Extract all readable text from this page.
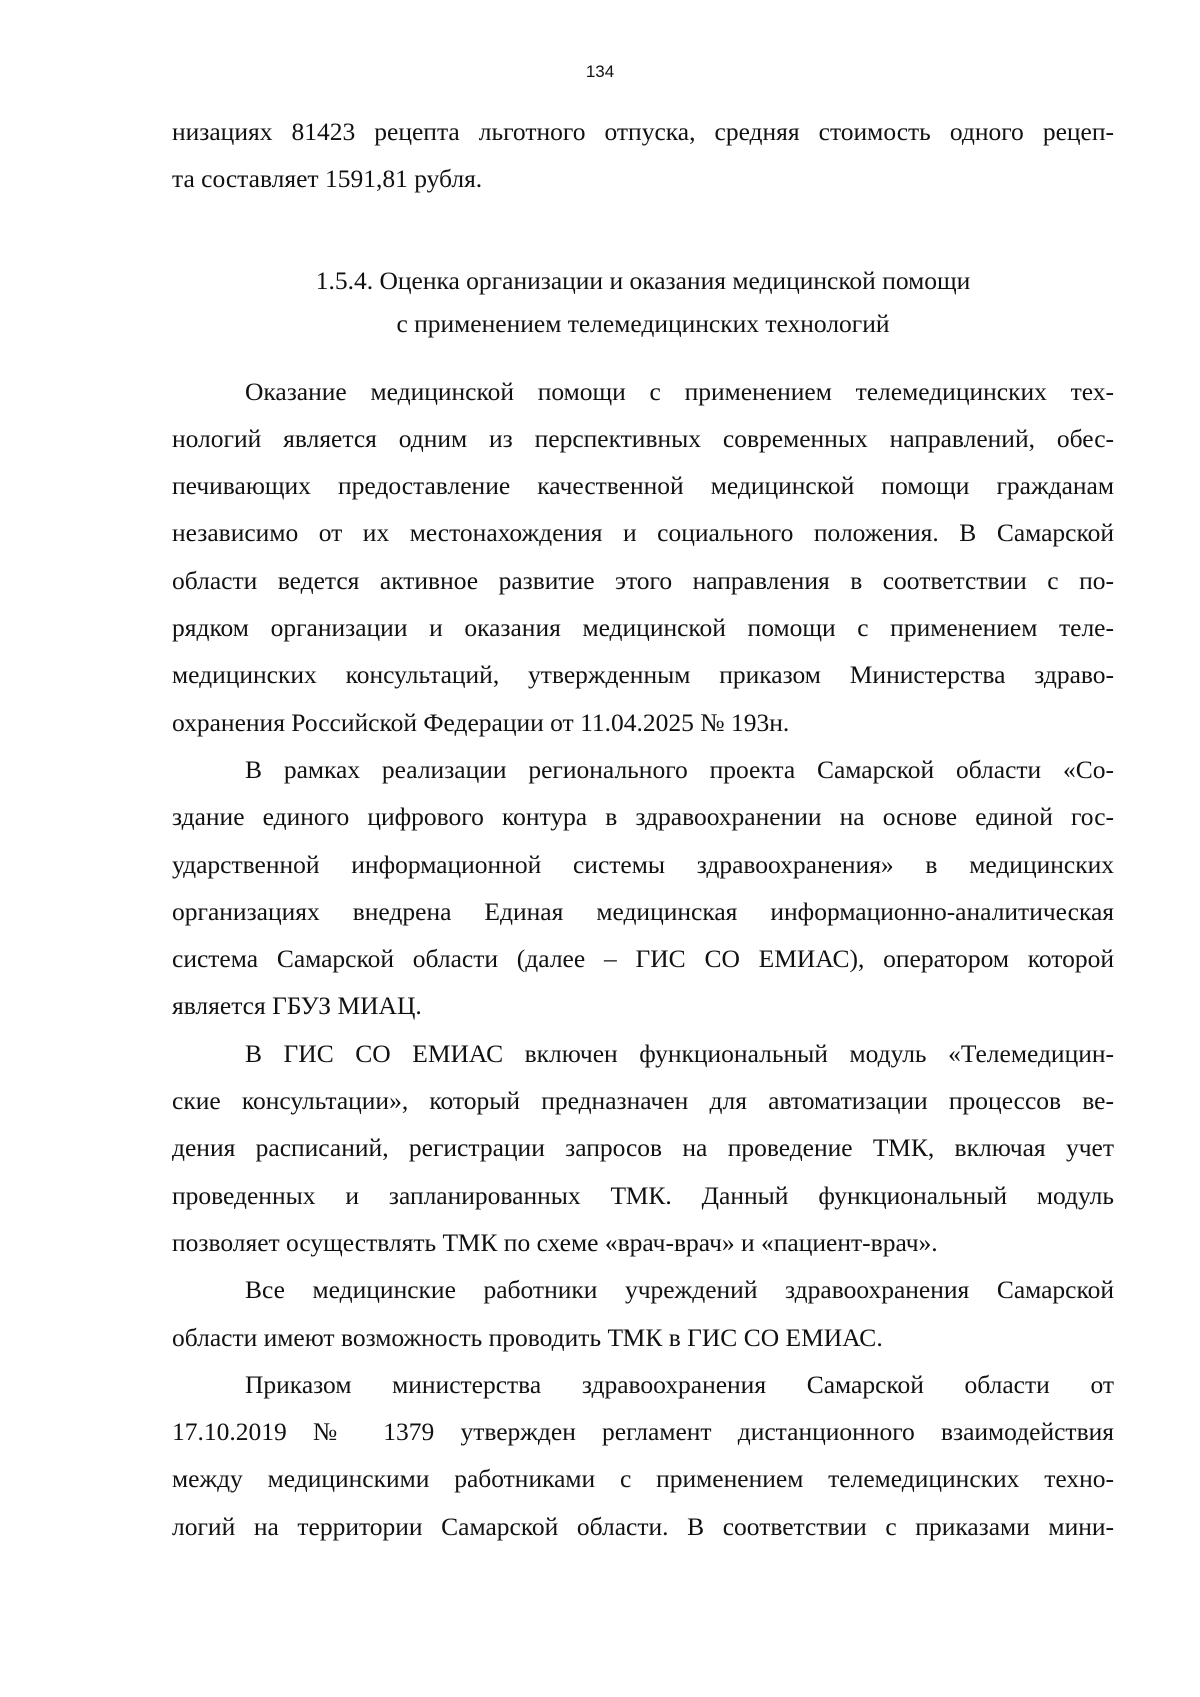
134

низациях 81423 рецепта льготного отпуска, средняя стоимость одного рецеп-
та составляет 1591,81 рубля.

1.5.4. Оценка организации и оказания медицинской помощи
с применением телемедицинских технологий

Оказание медицинской помощи с применением телемедицинских тех-
нологий является одним из перспективных современных направлений, обес-
печивающих предоставление качественной медицинской помощи гражданам
независимо от их местонахождения и социального положения. В Самарской
области ведется активное развитие этого направления в соответствии с по-
рядком организации и оказания медицинской помощи с применением теле-
медицинских консультаций, утвержденным приказом Министерства здраво-
охранения Российской Федерации от 11.04.2025 № 193н.

В рамках реализации регионального проекта Самарской области «Со-
здание единого цифрового контура в здравоохранении на основе единой гос-
ударственной информационной системы здравоохранения» в медицинских
организациях внедрена Единая медицинская информационно-аналитическая
система Самарской области (далее – ГИС СО ЕМИАС), оператором которой
является ГБУЗ МИАЦ.

В ГИС СО ЕМИАС включен функциональный модуль «Телемедицин-
ские консультации», который предназначен для автоматизации процессов ве-
дения расписаний, регистрации запросов на проведение ТМК, включая учет
проведенных и запланированных ТМК. Данный функциональный модуль
позволяет осуществлять ТМК по схеме «врач-врач» и «пациент-врач».

Все медицинские работники учреждений здравоохранения Самарской
области имеют возможность проводить ТМК в ГИС СО ЕМИАС.

Приказом министерства здравоохранения Самарской области от
17.10.2019 № 1379 утвержден регламент дистанционного взаимодействия
между медицинскими работниками с применением телемедицинских техно-
логий на территории Самарской области. В соответствии с приказами мини-
